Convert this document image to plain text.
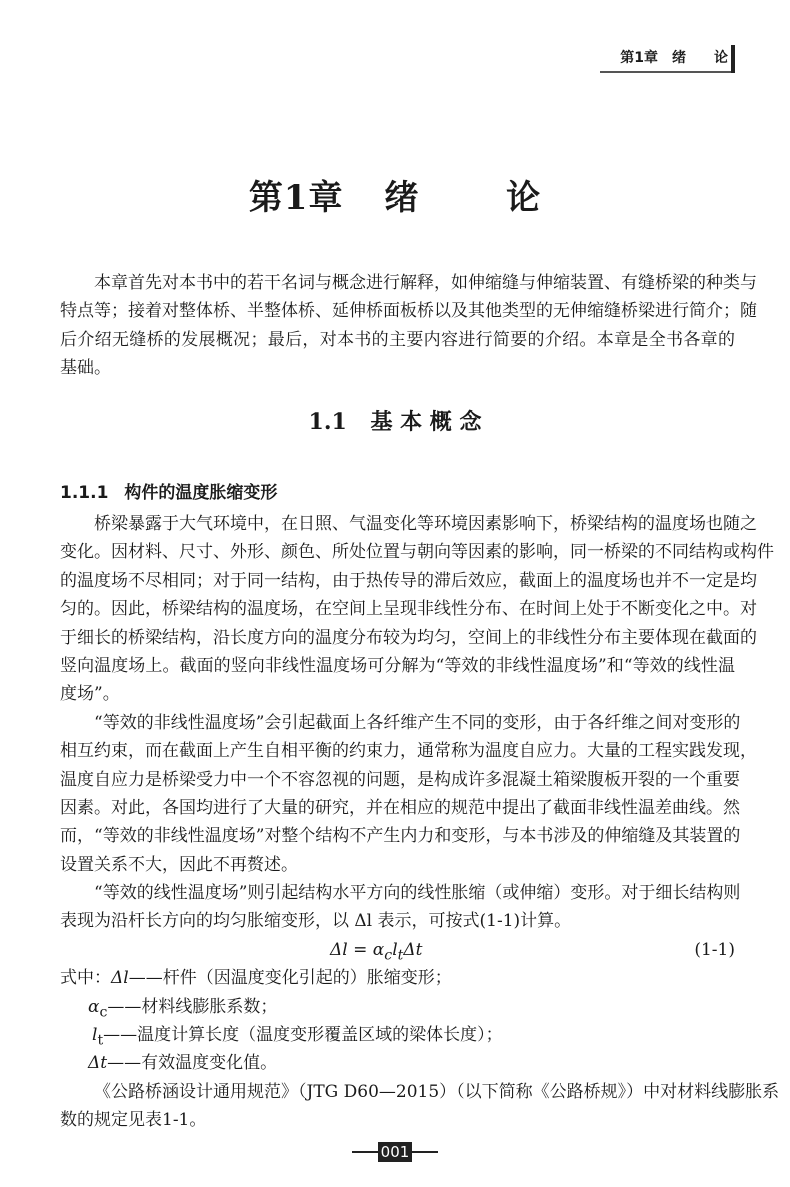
第1章　绪　　论
第1章 绪	论
本章首先对本书中的若干名词与概念进行解释，如伸缩缝与伸缩装置、有缝桥梁的种类与
特点等；接着对整体桥、半整体桥、延伸桥面板桥以及其他类型的无伸缩缝桥梁进行简介；随
后介绍无缝桥的发展概况；最后，对本书的主要内容进行简要的介绍。本章是全书各章的
基础。
1.1 基 本 概 念
1.1.1 构件的温度胀缩变形
桥梁暴露于大气环境中，在日照、气温变化等环境因素影响下，桥梁结构的温度场也随之
变化。因材料、尺寸、外形、颜色、所处位置与朝向等因素的影响，同一桥梁的不同结构或构件
的温度场不尽相同；对于同一结构，由于热传导的滞后效应，截面上的温度场也并不一定是均
匀的。因此，桥梁结构的温度场，在空间上呈现非线性分布、在时间上处于不断变化之中。对
于细长的桥梁结构，沿长度方向的温度分布较为均匀，空间上的非线性分布主要体现在截面的
竖向温度场上。截面的竖向非线性温度场可分解为“等效的非线性温度场”和“等效的线性温
度场”。
“等效的非线性温度场”会引起截面上各纤维产生不同的变形，由于各纤维之间对变形的
相互约束，而在截面上产生自相平衡的约束力，通常称为温度自应力。大量的工程实践发现，
温度自应力是桥梁受力中一个不容忽视的问题，是构成许多混凝土箱梁腹板开裂的一个重要
因素。对此，各国均进行了大量的研究，并在相应的规范中提出了截面非线性温差曲线。然
而，“等效的非线性温度场”对整个结构不产生内力和变形，与本书涉及的伸缩缝及其装置的
设置关系不大，因此不再赘述。
“等效的线性温度场”则引起结构水平方向的线性胀缩（或伸缩）变形。对于细长结构则
表现为沿杆长方向的均匀胀缩变形，以 Δl 表示，可按式(1-1)计算。
$\Delta l = \alpha_cl_t\Delta t$	(1-1)
式中：Δl——杆件（因温度变化引起的）胀缩变形；
$\alpha_c——$材料线膨胀系数；
$l_t——$温度计算长度（温度变形覆盖区域的梁体长度）；
Δt——有效温度变化值。
《公路桥涵设计通用规范》（JTG D60—2015）（以下简称《公路桥规》）中对材料线膨胀系
数的规定见表1-1。
001
